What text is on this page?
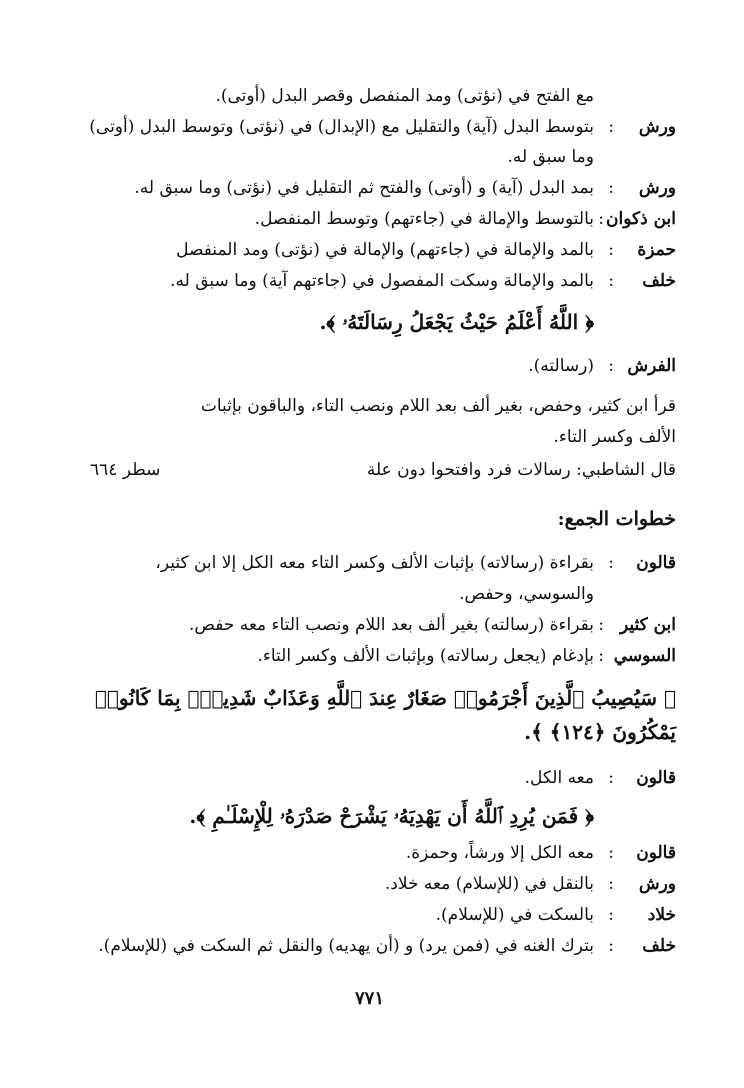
مع الفتح في (نؤتى) ومد المنفصل وقصر البدل (أوتى).
ورش
:
بتوسط البدل (آية) والتقليل مع (الإبدال) في (نؤتى) وتوسط البدل (أوتى)
وما سبق له.
ورش
:
بمد البدل (آية) و (أوتى) والفتح ثم التقليل في (نؤتى) وما سبق له.
ابن ذكوان
:
بالتوسط والإمالة في (جاءتهم) وتوسط المنفصل.
حمزة
:
بالمد والإمالة في (جاءتهم) والإمالة في (نؤتى) ومد المنفصل
خلف
:
بالمد والإمالة وسكت المفصول في (جاءتهم آية) وما سبق له.
﴿ اللَّهُ أَعْلَمُ حَيْثُ يَجْعَلُ رِسَالَتَهُۥ ﴾.
الفرش
:
(رسالته).
قرأ ابن كثير، وحفص، بغير ألف بعد اللام ونصب التاء، والباقون بإثبات
الألف وكسر التاء.
قال الشاطبي: رسالات فرد وافتحوا دون علة
سطر ٦٦٤
خطوات الجمع:
قالون
:
بقراءة (رسالاته) بإثبات الألف وكسر التاء معه الكل إلا ابن كثير،
والسوسي، وحفص.
ابن كثير
:
بقراءة (رسالته) بغير ألف بعد اللام ونصب التاء معه حفص.
السوسي
:
بإدغام (يجعل رسالاته) وبإثبات الألف وكسر التاء.
﴿ سَيُصِيبُ ٱلَّذِينَ أَجْرَمُوا۟ صَغَارٌ عِندَ ٱللَّهِ وَعَذَابٌ شَدِيدٌۢ بِمَا كَانُوا۟
يَمْكُرُونَ ﴿١٢٤﴾ ﴾.
قالون
:
معه الكل.
﴿ فَمَن يُرِدِ ٱللَّهُ أَن يَهْدِيَهُۥ يَشْرَحْ صَدْرَهُۥ لِلْإِسْلَـٰمِ ﴾.
قالون
:
معه الكل إلا ورشاً، وحمزة.
ورش
:
بالنقل في (للإسلام) معه خلاد.
خلاد
:
بالسكت في (للإسلام).
خلف
:
بترك الغنه في (فمن يرد) و (أن يهديه) والنقل ثم السكت في (للإسلام).
٧٧١
